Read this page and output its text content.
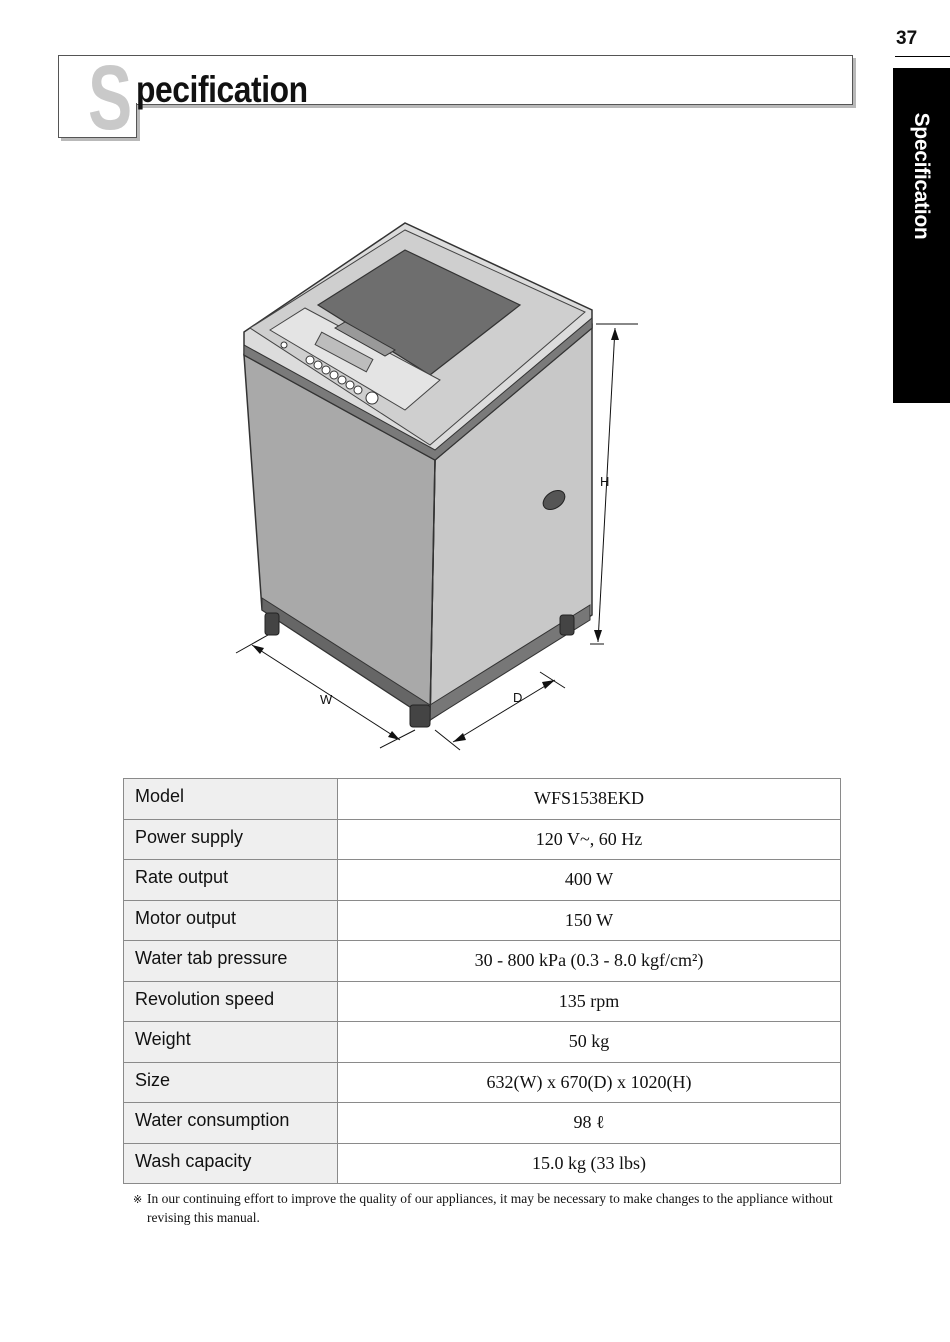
37
Specification
S pecification
H
W	D
Model	WFS1538EKD
Power supply	120 V~, 60 Hz
Rate output	400 W
Motor output	150 W
Water tab pressure	30 - 800 kPa (0.3 - 8.0 kgf/cm²)
Revolution speed	135 rpm
Weight	50 kg
Size	632(W) x 670(D) x 1020(H)
Water consumption	98 ℓ
Wash capacity	15.0 kg (33 lbs)
※ In our continuing effort to improve the quality of our appliances, it may be necessary to make changes to the appliance without
revising this manual.
